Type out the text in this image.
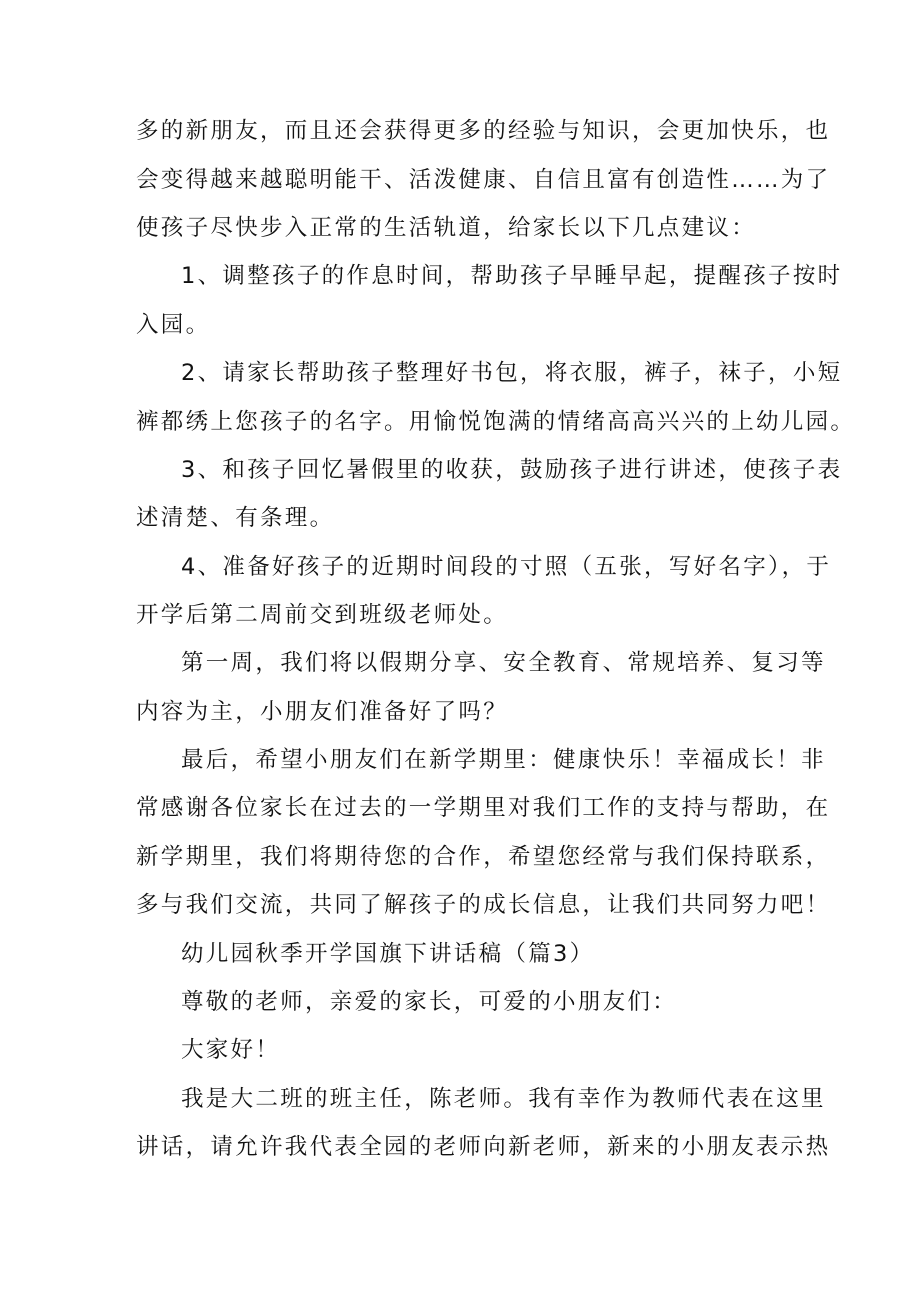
多的新朋友，而且还会获得更多的经验与知识，会更加快乐，也
会变得越来越聪明能干、活泼健康、自信且富有创造性……为了
使孩子尽快步入正常的生活轨道，给家长以下几点建议：
1、调整孩子的作息时间，帮助孩子早睡早起，提醒孩子按时
入园。
2、请家长帮助孩子整理好书包，将衣服，裤子，袜子，小短
裤都绣上您孩子的名字。用愉悦饱满的情绪高高兴兴的上幼儿园。
3、和孩子回忆暑假里的收获，鼓励孩子进行讲述，使孩子表
述清楚、有条理。
4、准备好孩子的近期时间段的寸照（五张，写好名字），于
开学后第二周前交到班级老师处。
第一周，我们将以假期分享、安全教育、常规培养、复习等
内容为主，小朋友们准备好了吗？
最后，希望小朋友们在新学期里：健康快乐！幸福成长！非
常感谢各位家长在过去的一学期里对我们工作的支持与帮助，在
新学期里，我们将期待您的合作，希望您经常与我们保持联系，
多与我们交流，共同了解孩子的成长信息，让我们共同努力吧！
幼儿园秋季开学国旗下讲话稿（篇3）
尊敬的老师，亲爱的家长，可爱的小朋友们：
大家好！
我是大二班的班主任，陈老师。我有幸作为教师代表在这里
讲话，请允许我代表全园的老师向新老师，新来的小朋友表示热
